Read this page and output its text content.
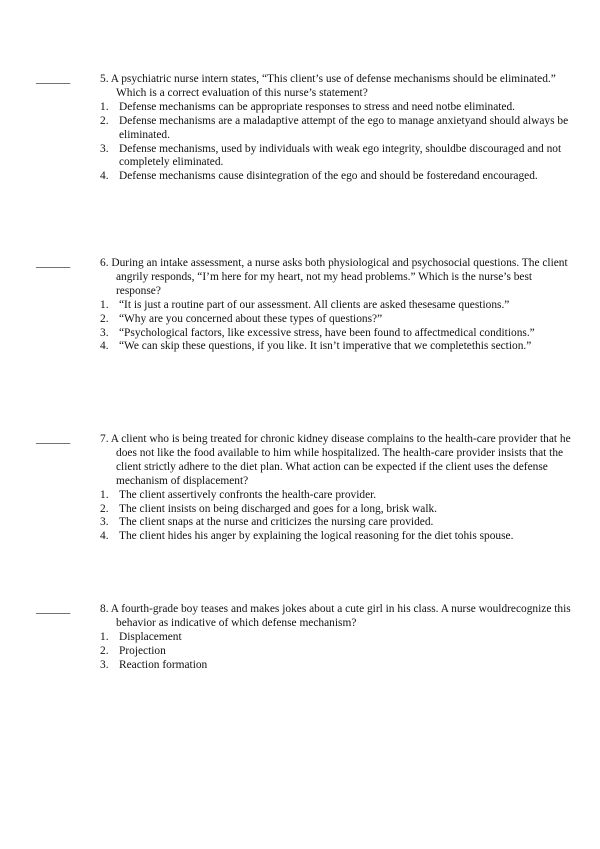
______	5. A psychiatric nurse intern states, “This client’s use of defense mechanisms should be eliminated.” Which is a correct evaluation of this nurse’s statement?
1. Defense mechanisms can be appropriate responses to stress and need notbe eliminated.
2. Defense mechanisms are a maladaptive attempt of the ego to manage anxietyand should always be eliminated.
3. Defense mechanisms, used by individuals with weak ego integrity, shouldbe discouraged and not completely eliminated.
4. Defense mechanisms cause disintegration of the ego and should be fosteredand encouraged.
______	6. During an intake assessment, a nurse asks both physiological and psychosocial questions. The client angrily responds, “I’m here for my heart, not my head problems.” Which is the nurse’s best response?
1. “It is just a routine part of our assessment. All clients are asked thesesame questions.”
2. “Why are you concerned about these types of questions?”
3. “Psychological factors, like excessive stress, have been found to affectmedical conditions.”
4. “We can skip these questions, if you like. It isn’t imperative that we completethis section.”
______	7. A client who is being treated for chronic kidney disease complains to the health-care provider that he does not like the food available to him while hospitalized. The health-care provider insists that the client strictly adhere to the diet plan. What action can be expected if the client uses the defense mechanism of displacement?
1. The client assertively confronts the health-care provider.
2. The client insists on being discharged and goes for a long, brisk walk.
3. The client snaps at the nurse and criticizes the nursing care provided.
4. The client hides his anger by explaining the logical reasoning for the diet tohis spouse.
______	8. A fourth-grade boy teases and makes jokes about a cute girl in his class. A nurse wouldrecognize this behavior as indicative of which defense mechanism?
1. Displacement
2. Projection
3. Reaction formation
